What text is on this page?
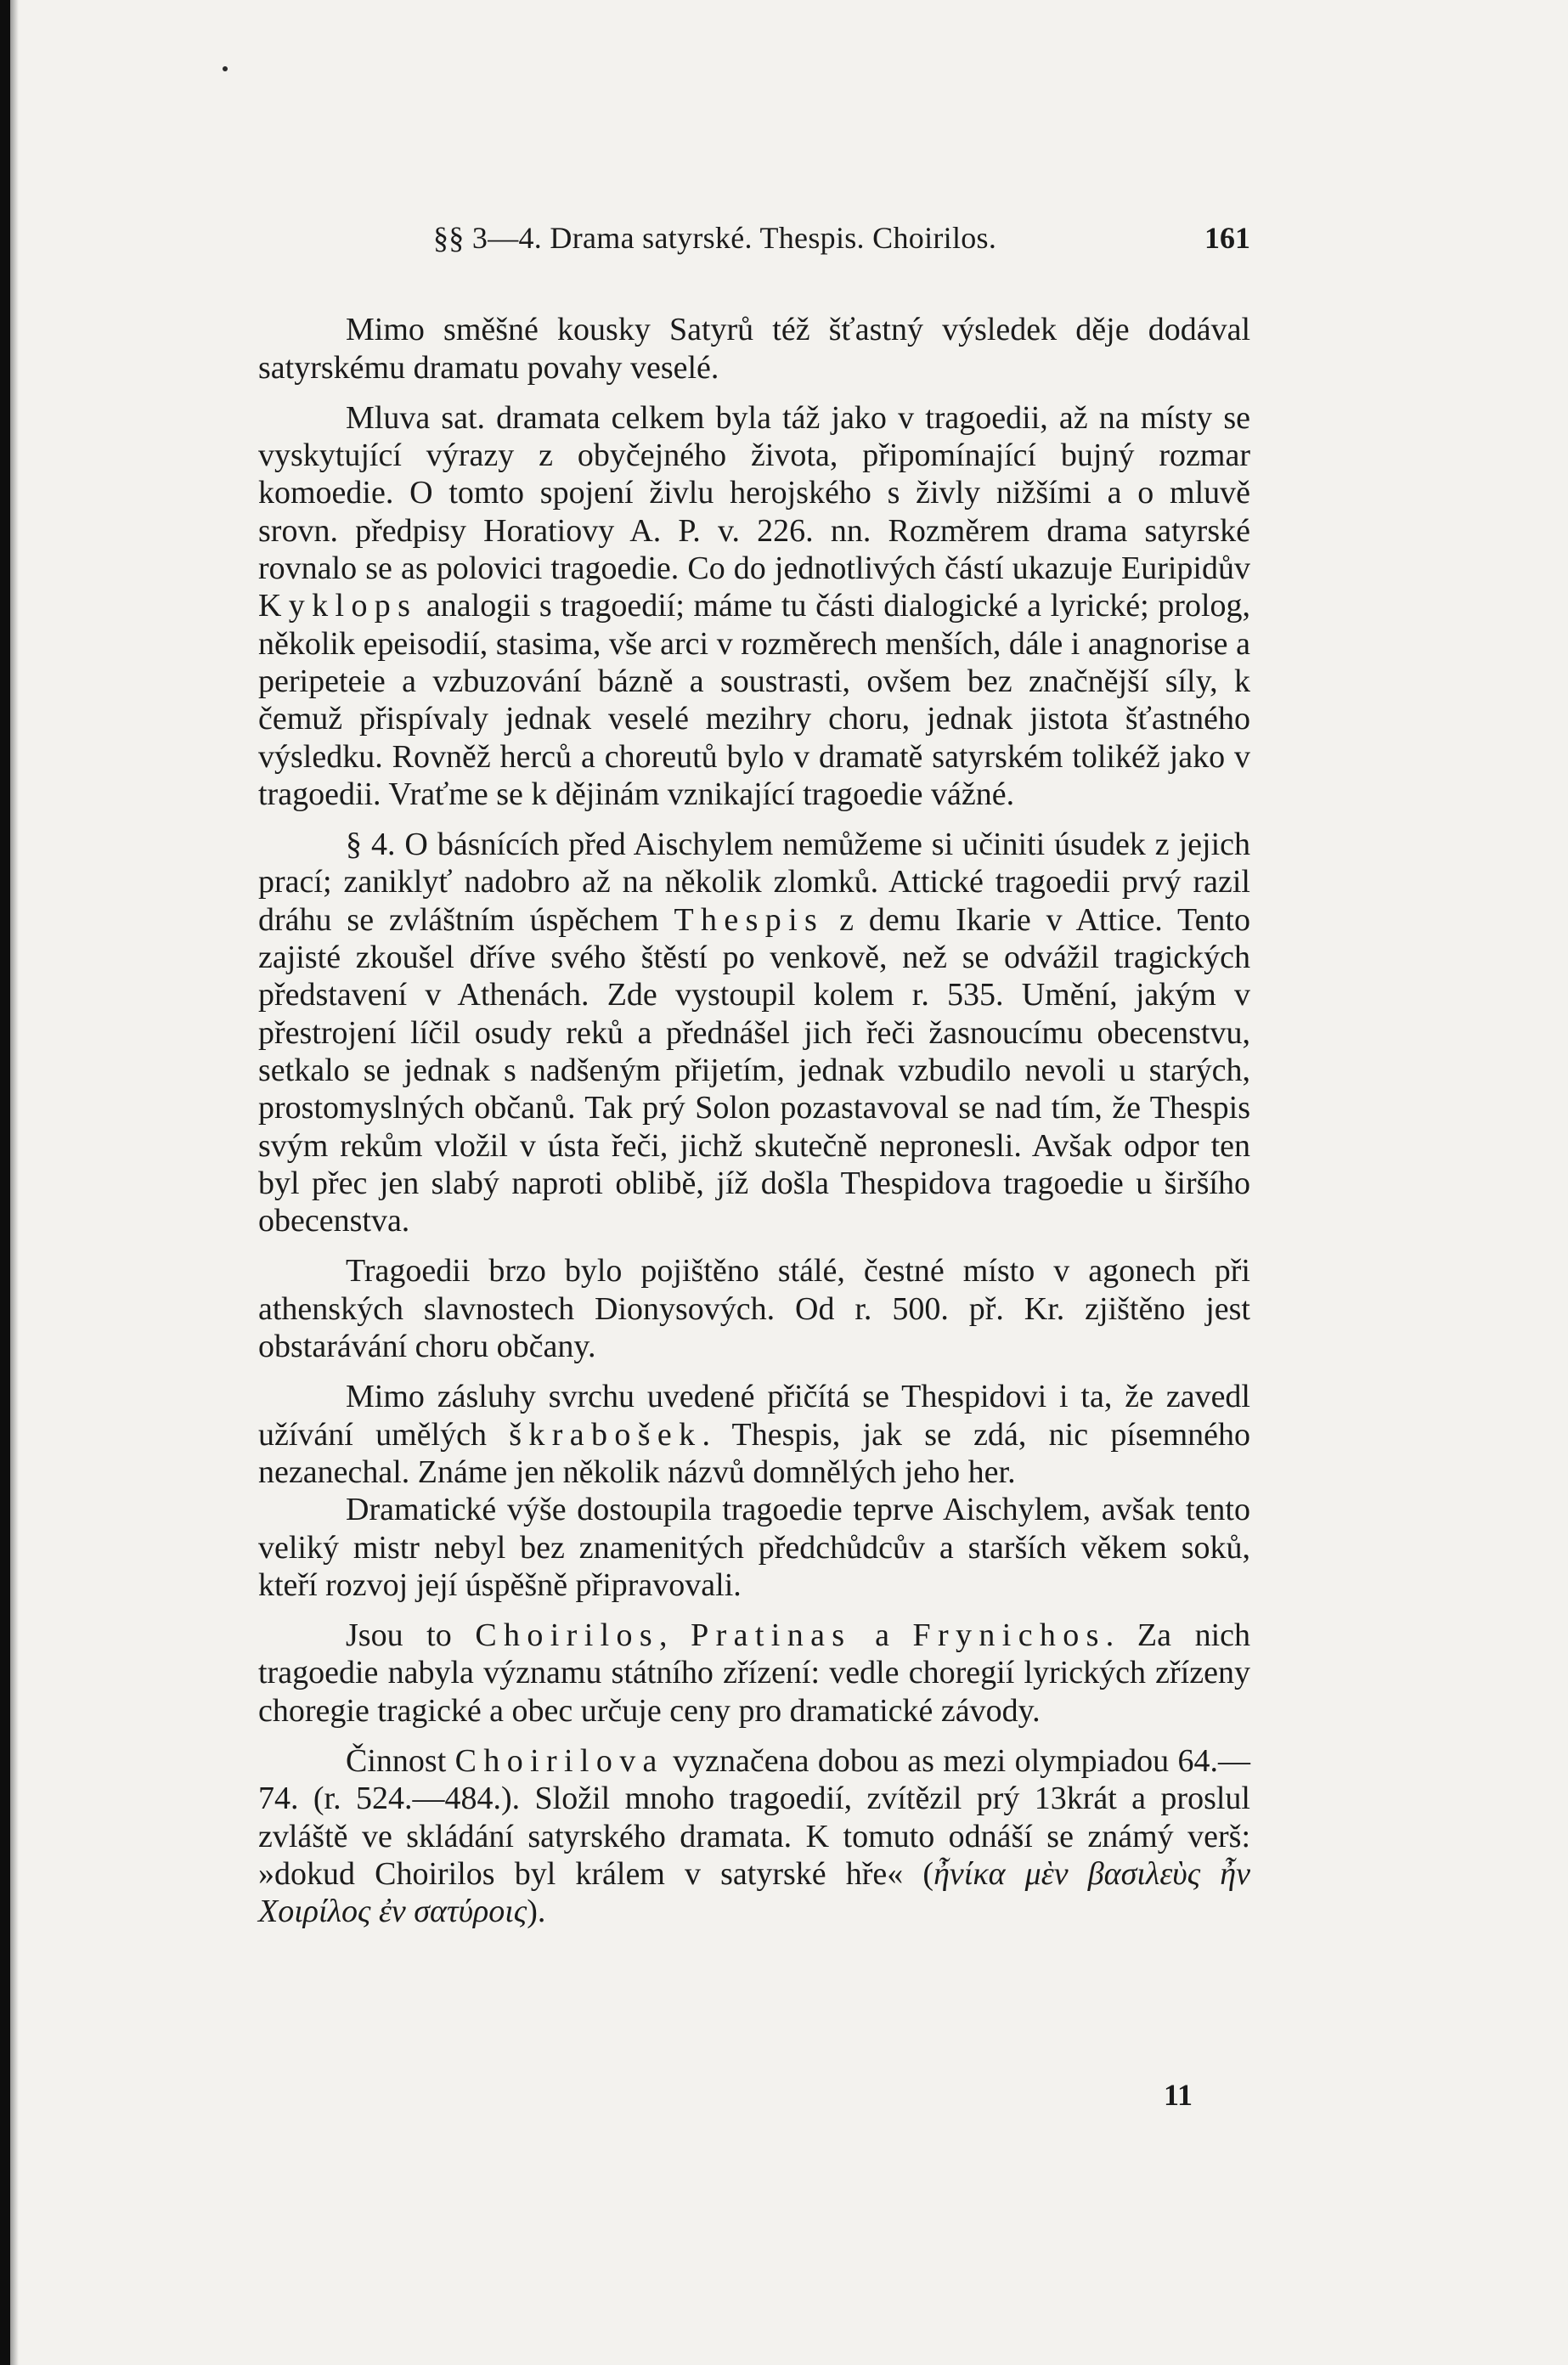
§§ 3—4. Drama satyrské. Thespis. Choirilos.	161

Mimo směšné kousky Satyrů též šťastný výsledek děje dodával satyrskému dramatu povahy veselé.

Mluva sat. dramata celkem byla táž jako v tragoedii, až na místy se vyskytující výrazy z obyčejného života, připomínající bujný rozmar komoedie. O tomto spojení živlu herojského s živly nižšími a o mluvě srovn. předpisy Horatiovy A. P. v. 226. nn. Rozměrem drama satyrské rovnalo se as polovici tragoedie. Co do jednotlivých částí ukazuje Euripidův Kyklops analogii s tragoedií; máme tu části dialogické a lyrické; prolog, několik epeisodií, stasima, vše arci v rozměrech menších, dále i anagnorise a peripeteie a vzbuzování bázně a soustrasti, ovšem bez značnější síly, k čemuž přispívaly jednak veselé mezihry choru, jednak jistota šťastného výsledku. Rovněž herců a choreutů bylo v dramatě satyrském tolikéž jako v tragoedii. Vraťme se k dějinám vznikající tragoedie vážné.

§ 4. O básnících před Aischylem nemůžeme si učiniti úsudek z jejich prací; zaniklyť nadobro až na několik zlomků. Attické tragoedii prvý razil dráhu se zvláštním úspěchem Thespis z demu Ikarie v Attice. Tento zajisté zkoušel dříve svého štěstí po venkově, než se odvážil tragických představení v Athenách. Zde vystoupil kolem r. 535. Umění, jakým v přestrojení líčil osudy reků a přednášel jich řeči žasnoucímu obecenstvu, setkalo se jednak s nadšeným přijetím, jednak vzbudilo nevoli u starých, prostomyslných občanů. Tak prý Solon pozastavoval se nad tím, že Thespis svým rekům vložil v ústa řeči, jichž skutečně nepronesli. Avšak odpor ten byl přec jen slabý naproti oblibě, jíž došla Thespidova tragoedie u širšího obecenstva.

Tragoedii brzo bylo pojištěno stálé, čestné místo v agonech při athenských slavnostech Dionysových. Od r. 500. př. Kr. zjištěno jest obstarávání choru občany.

Mimo zásluhy svrchu uvedené přičítá se Thespidovi i ta, že zavedl užívání umělých škrabošek. Thespis, jak se zdá, nic písemného nezanechal. Známe jen několik názvů domnělých jeho her.

Dramatické výše dostoupila tragoedie teprve Aischylem, avšak tento veliký mistr nebyl bez znamenitých předchůdcův a starších věkem soků, kteří rozvoj její úspěšně připravovali.

Jsou to Choirilos, Pratinas a Frynichos. Za nich tragoedie nabyla významu státního zřízení: vedle choregií lyrických zřízeny choregie tragické a obec určuje ceny pro dramatické závody.

Činnost Choirilova vyznačena dobou as mezi olympiadou 64.—74. (r. 524.—484.). Složil mnoho tragoedií, zvítězil prý 13krát a proslul zvláště ve skládání satyrského dramata. K tomuto odnáší se známý verš: »dokud Choirilos byl králem v satyrské hře« (ἦνίκα μὲν βασιλεὺς ἦν Χοιρίλος ἐν σατύροις).

11
